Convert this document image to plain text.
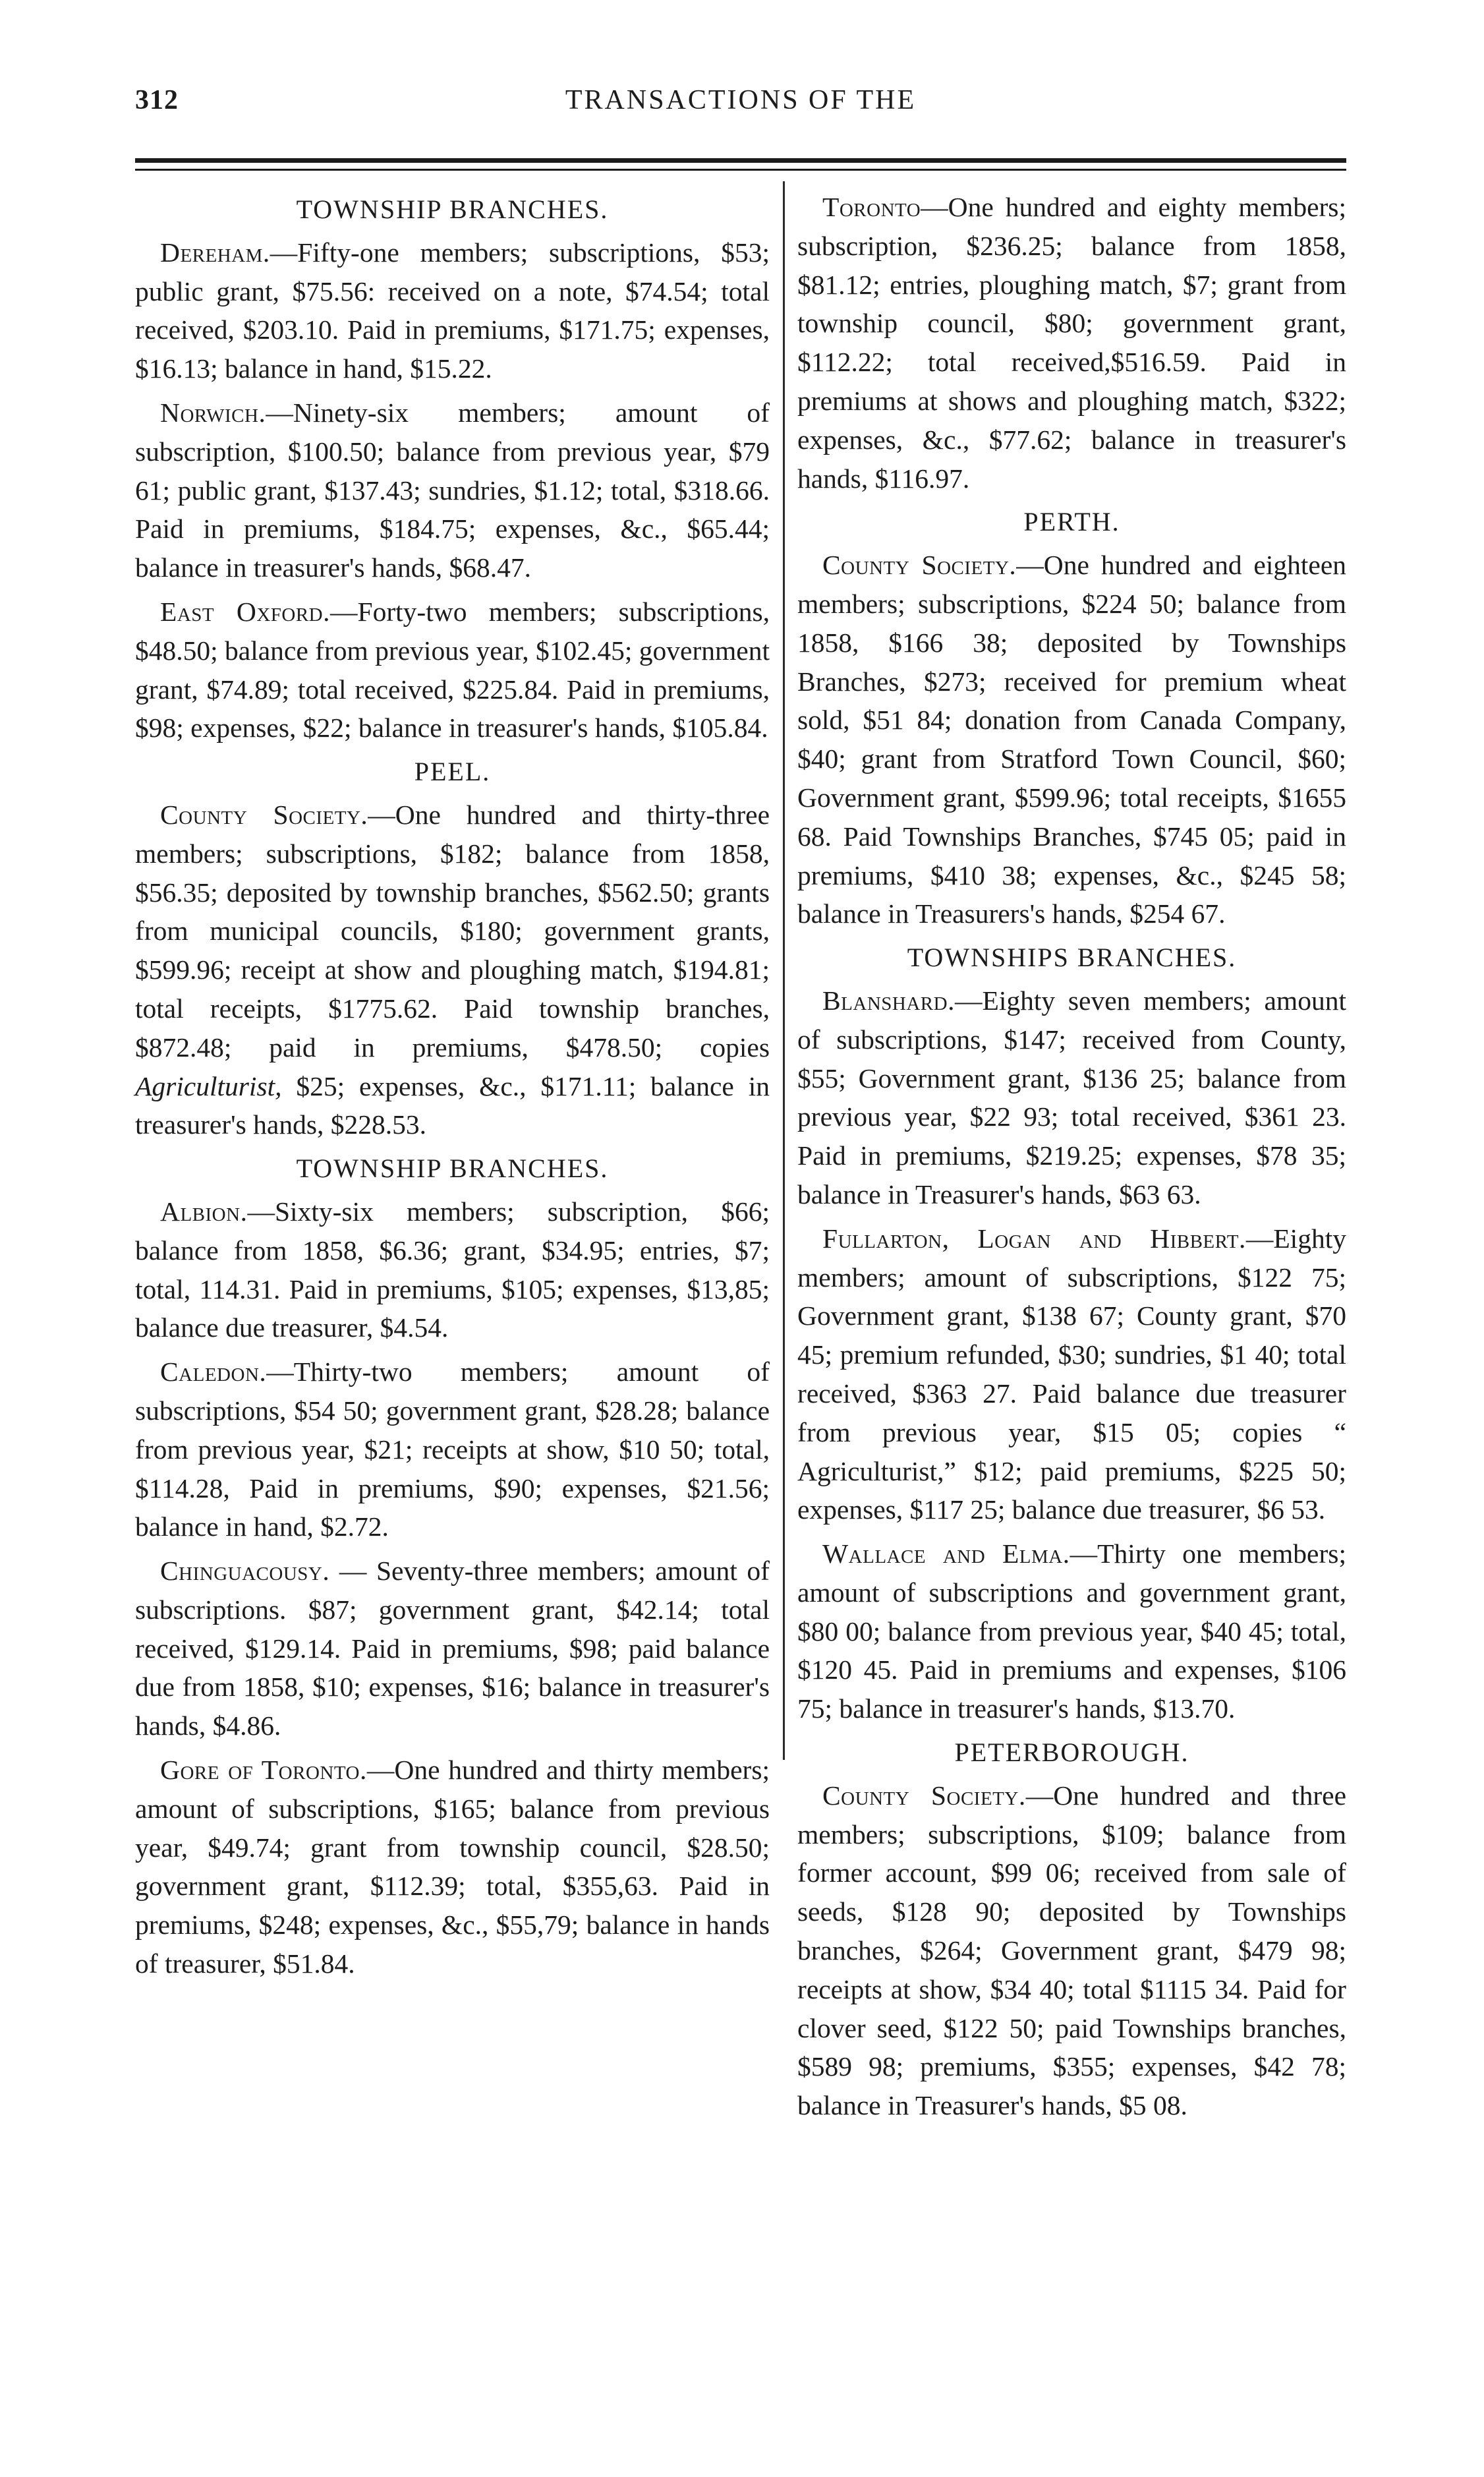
312	TRANSACTIONS OF THE
TOWNSHIP BRANCHES.

Dereham.—Fifty-one members; subscriptions, $53; public grant, $75.56: received on a note, $74.54; total received, $203.10. Paid in premiums, $171.75; expenses, $16.13; balance in hand, $15.22.

Norwich.—Ninety-six members; amount of subscription, $100.50; balance from previous year, $79 61; public grant, $137.43; sundries, $1.12; total, $318.66. Paid in premiums, $184.75; expenses, &c., $65.44; balance in treasurer's hands, $68.47.

East Oxford.—Forty-two members; subscriptions, $48.50; balance from previous year, $102.45; government grant, $74.89; total received, $225.84. Paid in premiums, $98; expenses, $22; balance in treasurer's hands, $105.84.

PEEL.

County Society.—One hundred and thirty-three members; subscriptions, $182; balance from 1858, $56.35; deposited by township branches, $562.50; grants from municipal councils, $180; government grants, $599.96; receipt at show and ploughing match, $194.81; total receipts, $1775.62. Paid township branches, $872.48; paid in premiums, $478.50; copies Agriculturist, $25; expenses, &c., $171.11; balance in treasurer's hands, $228.53.

TOWNSHIP BRANCHES.

Albion.—Sixty-six members; subscription, $66; balance from 1858, $6.36; grant, $34.95; entries, $7; total, 114.31. Paid in premiums, $105; expenses, $13,85; balance due treasurer, $4.54.

Caledon.—Thirty-two members; amount of subscriptions, $54 50; government grant, $28.28; balance from previous year, $21; receipts at show, $10 50; total, $114.28, Paid in premiums, $90; expenses, $21.56; balance in hand, $2.72.

Chinguacousy. — Seventy-three members; amount of subscriptions. $87; government grant, $42.14; total received, $129.14. Paid in premiums, $98; paid balance due from 1858, $10; expenses, $16; balance in treasurer's hands, $4.86.

Gore of Toronto.—One hundred and thirty members; amount of subscriptions, $165; balance from previous year, $49.74; grant from township council, $28.50; government grant, $112.39; total, $355,63. Paid in premiums, $248; expenses, &c., $55,79; balance in hands of treasurer, $51.84.

Toronto—One hundred and eighty members; subscription, $236.25; balance from 1858, $81.12; entries, ploughing match, $7; grant from township council, $80; government grant, $112.22; total received,$516.59. Paid in premiums at shows and ploughing match, $322; expenses, &c., $77.62; balance in treasurer's hands, $116.97.

PERTH.

County Society.—One hundred and eighteen members; subscriptions, $224 50; balance from 1858, $166 38; deposited by Townships Branches, $273; received for premium wheat sold, $51 84; donation from Canada Company, $40; grant from Stratford Town Council, $60; Government grant, $599.96; total receipts, $1655 68. Paid Townships Branches, $745 05; paid in premiums, $410 38; expenses, &c., $245 58; balance in Treasurers's hands, $254 67.

TOWNSHIPS BRANCHES.

Blanshard.—Eighty seven members; amount of subscriptions, $147; received from County, $55; Government grant, $136 25; balance from previous year, $22 93; total received, $361 23. Paid in premiums, $219.25; expenses, $78 35; balance in Treasurer's hands, $63 63.

Fullarton, Logan and Hibbert.—Eighty members; amount of subscriptions, $122 75; Government grant, $138 67; County grant, $70 45; premium refunded, $30; sundries, $1 40; total received, $363 27. Paid balance due treasurer from previous year, $15 05; copies “ Agriculturist,” $12; paid premiums, $225 50; expenses, $117 25; balance due treasurer, $6 53.

Wallace and Elma.—Thirty one members; amount of subscriptions and government grant, $80 00; balance from previous year, $40 45; total, $120 45. Paid in premiums and expenses, $106 75; balance in treasurer's hands, $13.70.

PETERBOROUGH.

County Society.—One hundred and three members; subscriptions, $109; balance from former account, $99 06; received from sale of seeds, $128 90; deposited by Townships branches, $264; Government grant, $479 98; receipts at show, $34 40; total $1115 34. Paid for clover seed, $122 50; paid Townships branches, $589 98; premiums, $355; expenses, $42 78; balance in Treasurer's hands, $5 08.
